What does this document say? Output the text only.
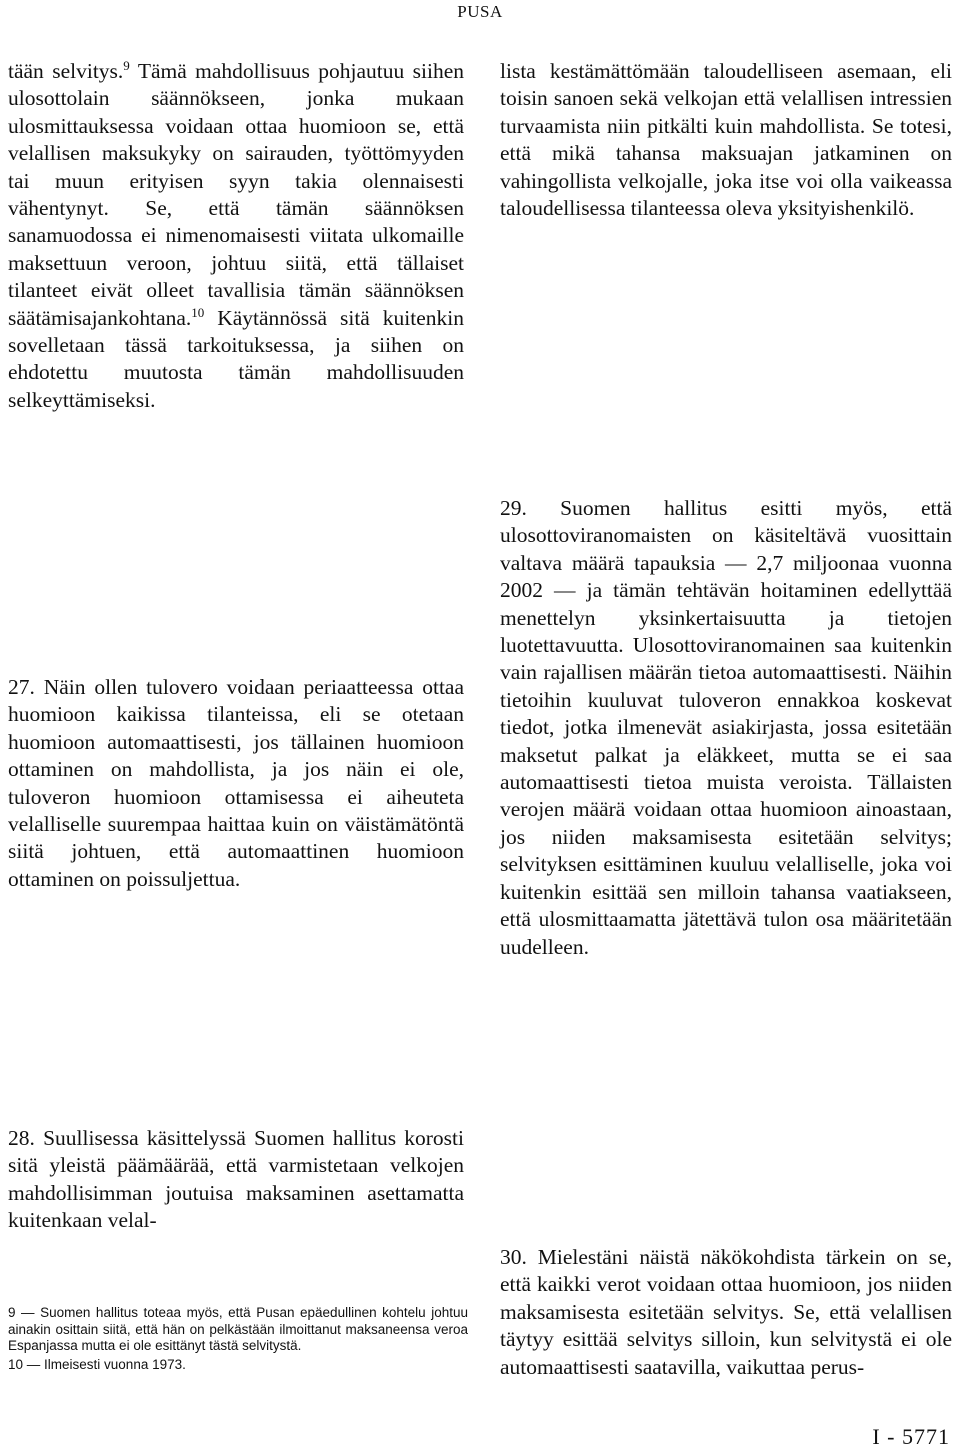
PUSA

tään selvitys.$^9$ Tämä mahdollisuus pohjautuu siihen ulosottolain säännökseen, jonka mukaan ulosmittauksessa voidaan ottaa huomioon se, että velallisen maksukyky on sairauden, työttömyyden tai muun erityisen syyn takia olennaisesti vähentynyt. Se, että tämän säännöksen sanamuodossa ei nimenomaisesti viitata ulkomaille maksettuun veroon, johtuu siitä, että tällaiset tilanteet eivät olleet tavallisia tämän säännöksen säätämisajankohtana.$^{10}$ Käytännössä sitä kuitenkin sovelletaan tässä tarkoituksessa, ja siihen on ehdotettu muutosta tämän mahdollisuuden selkeyttämiseksi.

27. Näin ollen tulovero voidaan periaatteessa ottaa huomioon kaikissa tilanteissa, eli se otetaan huomioon automaattisesti, jos tällainen huomioon ottaminen on mahdollista, ja jos näin ei ole, tuloveron huomioon ottamisessa ei aiheuteta velalliselle suurempaa haittaa kuin on väistämätöntä siitä johtuen, että automaattinen huomioon ottaminen on poissuljettua.

28. Suullisessa käsittelyssä Suomen hallitus korosti sitä yleistä päämäärää, että varmistetaan velkojen mahdollisimman joutuisa maksaminen asettamatta kuitenkaan velal-

lista kestämättömään taloudelliseen asemaan, eli toisin sanoen sekä velkojan että velallisen intressien turvaamista niin pitkälti kuin mahdollista. Se totesi, että mikä tahansa maksuajan jatkaminen on vahingollista velkojalle, joka itse voi olla vaikeassa taloudellisessa tilanteessa oleva yksityishenkilö.

29. Suomen hallitus esitti myös, että ulosottoviranomaisten on käsiteltävä vuosittain valtava määrä tapauksia — 2,7 miljoonaa vuonna 2002 — ja tämän tehtävän hoitaminen edellyttää menettelyn yksinkertaisuutta ja tietojen luotettavuutta. Ulosottoviranomainen saa kuitenkin vain rajallisen määrän tietoa automaattisesti. Näihin tietoihin kuuluvat tuloveron ennakkoa koskevat tiedot, jotka ilmenevät asiakirjasta, jossa esitetään maksetut palkat ja eläkkeet, mutta se ei saa automaattisesti tietoa muista veroista. Tällaisten verojen määrä voidaan ottaa huomioon ainoastaan, jos niiden maksamisesta esitetään selvitys; selvityksen esittäminen kuuluu velalliselle, joka voi kuitenkin esittää sen milloin tahansa vaatiakseen, että ulosmittaamatta jätettävä tulon osa määritetään uudelleen.

30. Mielestäni näistä näkökohdista tärkein on se, että kaikki verot voidaan ottaa huomioon, jos niiden maksamisesta esitetään selvitys. Se, että velallisen täytyy esittää selvitys silloin, kun selvitystä ei ole automaattisesti saatavilla, vaikuttaa perus-

9 — Suomen hallitus toteaa myös, että Pusan epäedullinen kohtelu johtuu ainakin osittain siitä, että hän on pelkästään ilmoittanut maksaneensa veroa Espanjassa mutta ei ole esittänyt tästä selvitystä.

10 — Ilmeisesti vuonna 1973.

I - 5771
